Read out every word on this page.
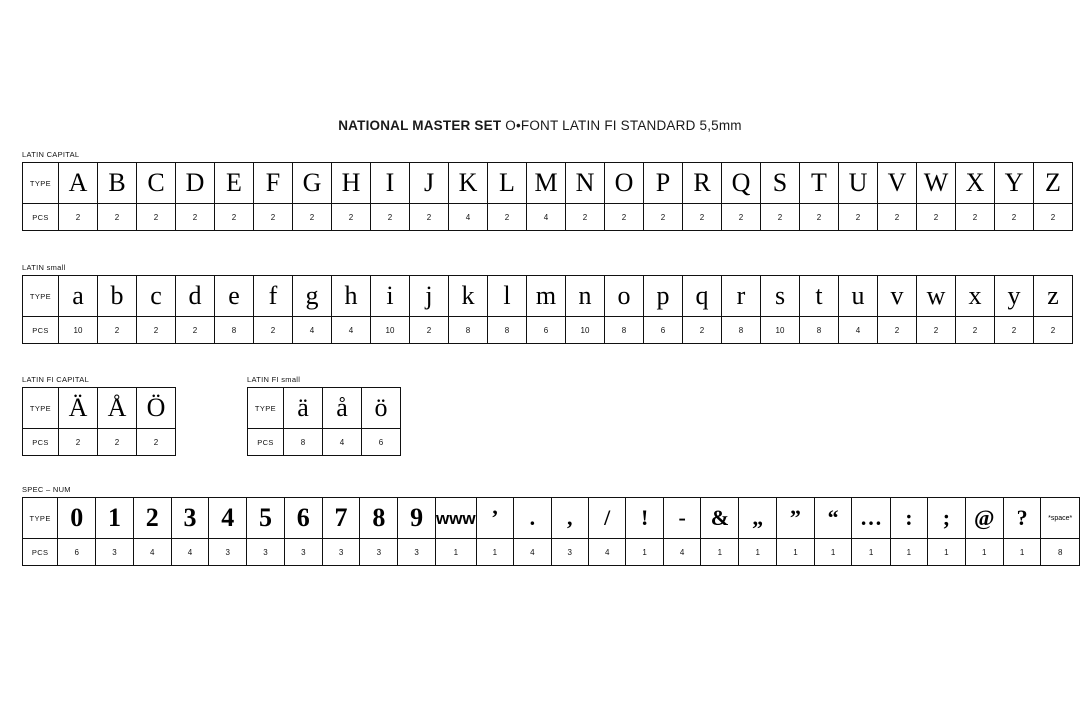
NATIONAL MASTER SET O•FONT LATIN FI STANDARD 5,5mm
LATIN CAPITAL
TYPE	A	B	C	D	E	F	G	H	I	J	K	L	M	N	O	P	R	Q	S	T	U	V	W	X	Y	Z
PCS	2	2	2	2	2	2	2	2	2	2	4	2	4	2	2	2	2	2	2	2	2	2	2	2	2	2
LATIN small
TYPE	a	b	c	d	e	f	g	h	i	j	k	l	m	n	o	p	q	r	s	t	u	v	w	x	y	z
PCS	10	2	2	2	8	2	4	4	10	2	8	8	6	10	8	6	2	8	10	8	4	2	2	2	2	2
LATIN FI CAPITAL
TYPE	Ä	Å	Ö
PCS	2	2	2
LATIN FI small
TYPE	ä	å	ö
PCS	8	4	6
SPEC – NUM
TYPE	0	1	2	3	4	5	6	7	8	9	www	’	.	,	/	!	-	&	„	”	“	…	:	;	@	?	*space*
PCS	6	3	4	4	3	3	3	3	3	3	1	1	4	3	4	1	4	1	1	1	1	1	1	1	1	1	8
